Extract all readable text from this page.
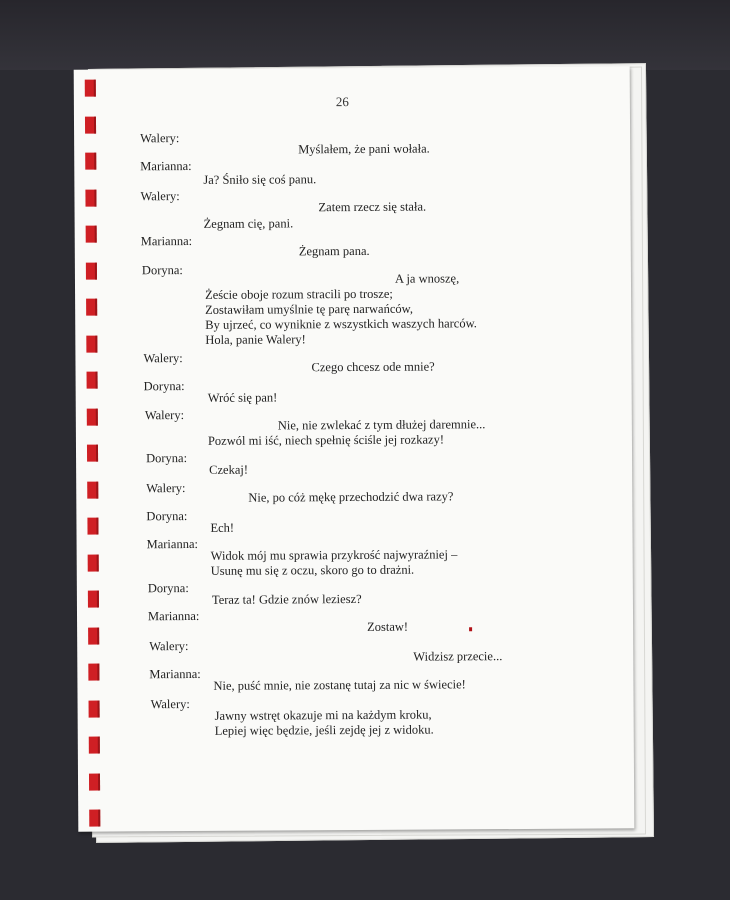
26
Walery:
Marianna:
Walery:
Marianna:
Doryna:
Walery:
Doryna:
Walery:
Doryna:
Walery:
Doryna:
Marianna:
Doryna:
Marianna:
Walery:
Marianna:
Walery:
Myślałem, że pani wołała.
Ja? Śniło się coś panu.
Zatem rzecz się stała.
Żegnam cię, pani.
Żegnam pana.
A ja wnoszę,
Żeście oboje rozum stracili po trosze;
Zostawiłam umyślnie tę parę narwańców,
By ujrzeć, co wyniknie z wszystkich waszych harców.
Hola, panie Walery!
Czego chcesz ode mnie?
Wróć się pan!
Nie, nie zwlekać z tym dłużej daremnie...
Pozwól mi iść, niech spełnię ściśle jej rozkazy!
Czekaj!
Nie, po cóż mękę przechodzić dwa razy?
Ech!
Widok mój mu sprawia przykrość najwyraźniej –
Usunę mu się z oczu, skoro go to drażni.
Teraz ta! Gdzie znów leziesz?
Zostaw!
Widzisz przecie...
Nie, puść mnie, nie zostanę tutaj za nic w świecie!
Jawny wstręt okazuje mi na każdym kroku,
Lepiej więc będzie, jeśli zejdę jej z widoku.
